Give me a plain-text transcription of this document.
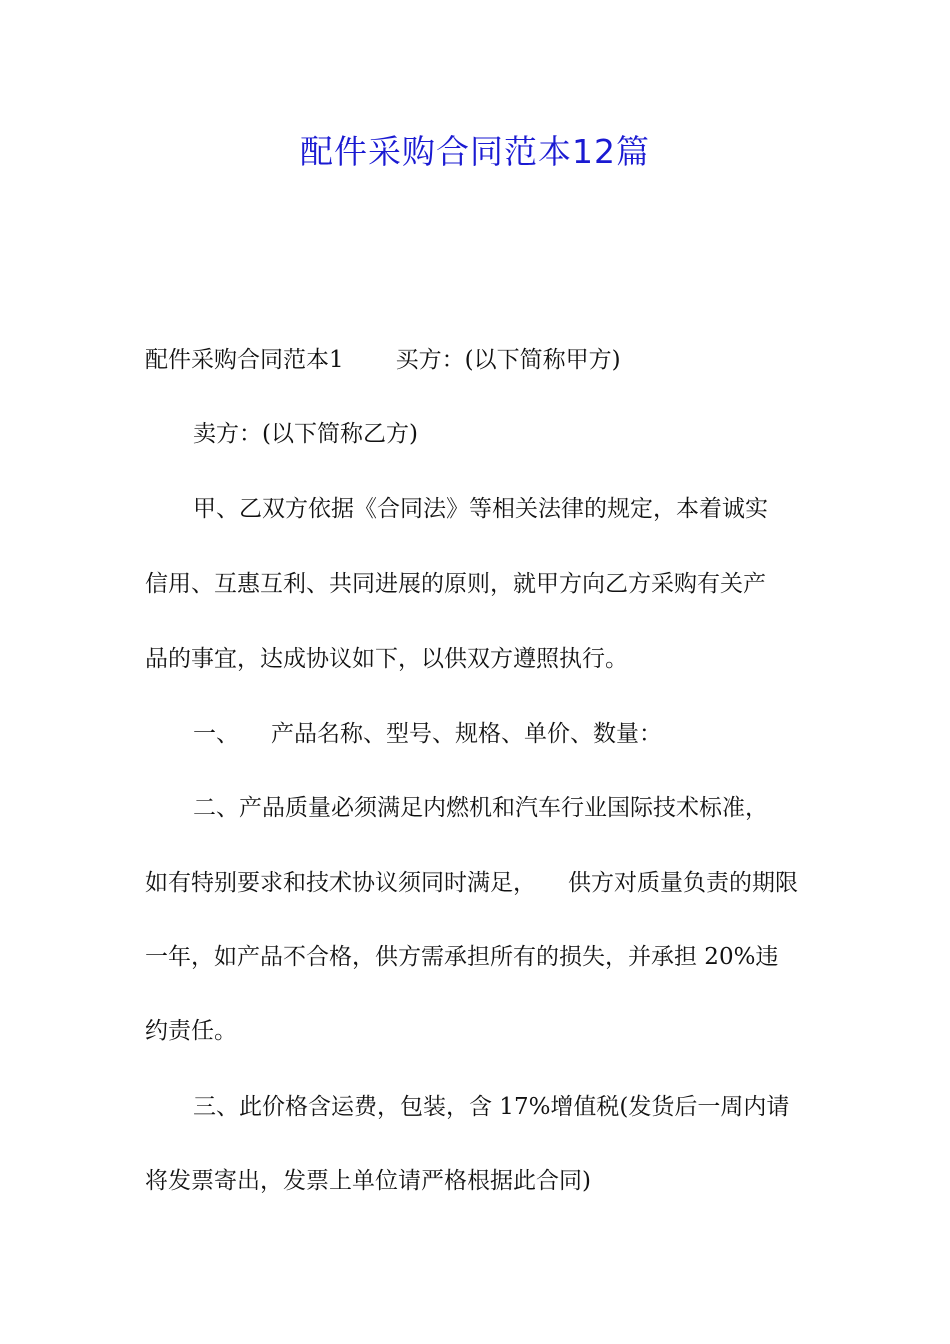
配件采购合同范本12篇
配件采购合同范本1 买方：(以下简称甲方)
卖方：(以下简称乙方)
甲、乙双方依据《合同法》等相关法律的规定，本着诚实
信用、互惠互利、共同进展的原则，就甲方向乙方采购有关产
品的事宜，达成协议如下，以供双方遵照执行。
一、 产品名称、型号、规格、单价、数量：
二、产品质量必须满足内燃机和汽车行业国际技术标准，
如有特别要求和技术协议须同时满足， 供方对质量负责的期限
一年，如产品不合格，供方需承担所有的损失，并承担 20%违
约责任。
三、此价格含运费，包装，含 17%增值税(发货后一周内请
将发票寄出，发票上单位请严格根据此合同)
